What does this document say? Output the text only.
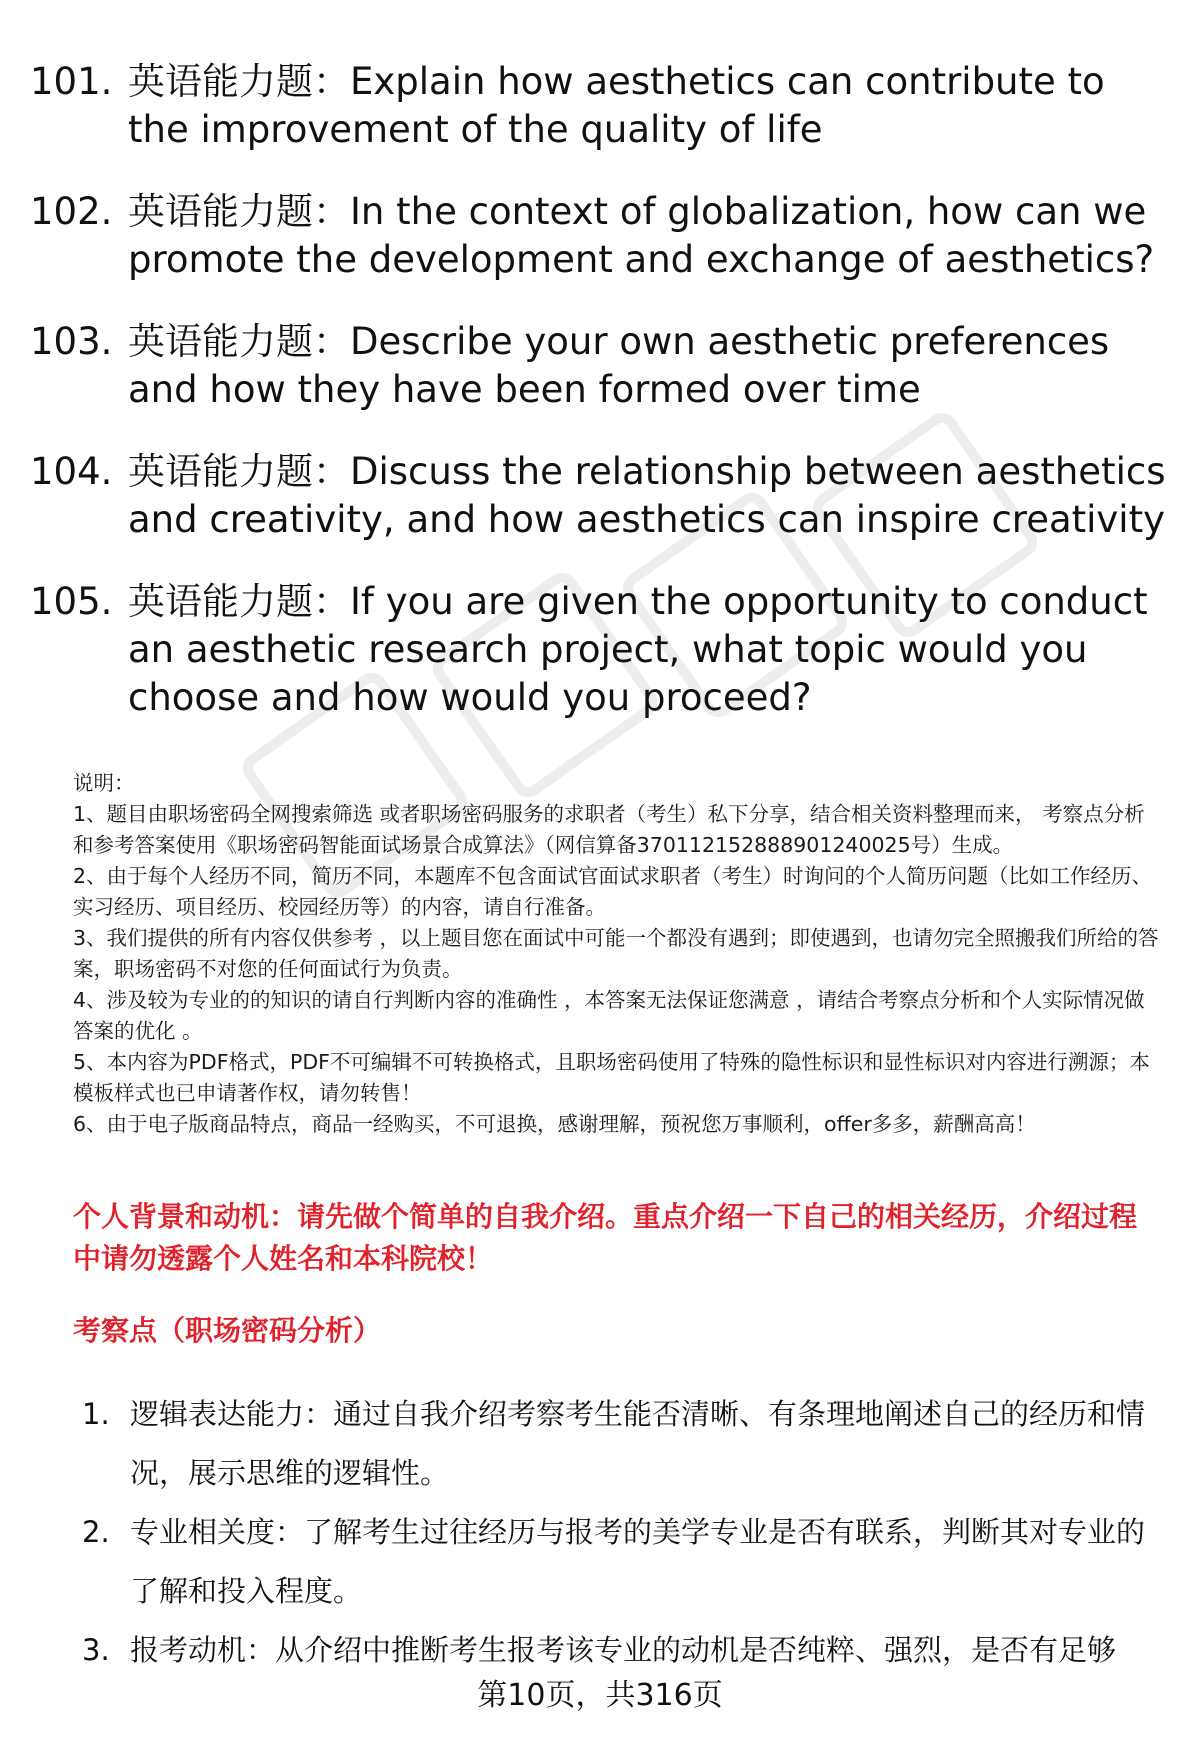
101. 英语能力题：Explain how aesthetics can contribute to the improvement of the quality of life
102. 英语能力题：In the context of globalization, how can we promote the development and exchange of aesthetics?
103. 英语能力题：Describe your own aesthetic preferences and how they have been formed over time
104. 英语能力题：Discuss the relationship between aesthetics and creativity, and how aesthetics can inspire creativity
105. 英语能力题：If you are given the opportunity to conduct an aesthetic research project, what topic would you choose and how would you proceed?

说明：

1、题目由职场密码全网搜索筛选 或者职场密码服务的求职者（考生）私下分享，结合相关资料整理而来， 考察点分析和参考答案使用《职场密码智能面试场景合成算法》（网信算备370112152888901240025号）生成。

2、由于每个人经历不同，简历不同，本题库不包含面试官面试求职者（考生）时询问的个人简历问题（比如工作经历、实习经历、项目经历、校园经历等）的内容，请自行准备。

3、我们提供的所有内容仅供参考 ，以上题目您在面试中可能一个都没有遇到；即使遇到，也请勿完全照搬我们所给的答案，职场密码不对您的任何面试行为负责。

4、涉及较为专业的的知识的请自行判断内容的准确性 ，本答案无法保证您满意 ，请结合考察点分析和个人实际情况做答案的优化 。

5、本内容为PDF格式，PDF不可编辑不可转换格式，且职场密码使用了特殊的隐性标识和显性标识对内容进行溯源；本模板样式也已申请著作权，请勿转售！

6、由于电子版商品特点，商品一经购买，不可退换，感谢理解，预祝您万事顺利，offer多多，薪酬高高！

个人背景和动机：请先做个简单的自我介绍。重点介绍一下自己的相关经历，介绍过程中请勿透露个人姓名和本科院校！
考察点（职场密码分析）
1. 逻辑表达能力：通过自我介绍考察考生能否清晰、有条理地阐述自己的经历和情况，展示思维的逻辑性。
2. 专业相关度：了解考生过往经历与报考的美学专业是否有联系，判断其对专业的了解和投入程度。
3. 报考动机：从介绍中推断考生报考该专业的动机是否纯粹、强烈，是否有足够
第10页，共316页
